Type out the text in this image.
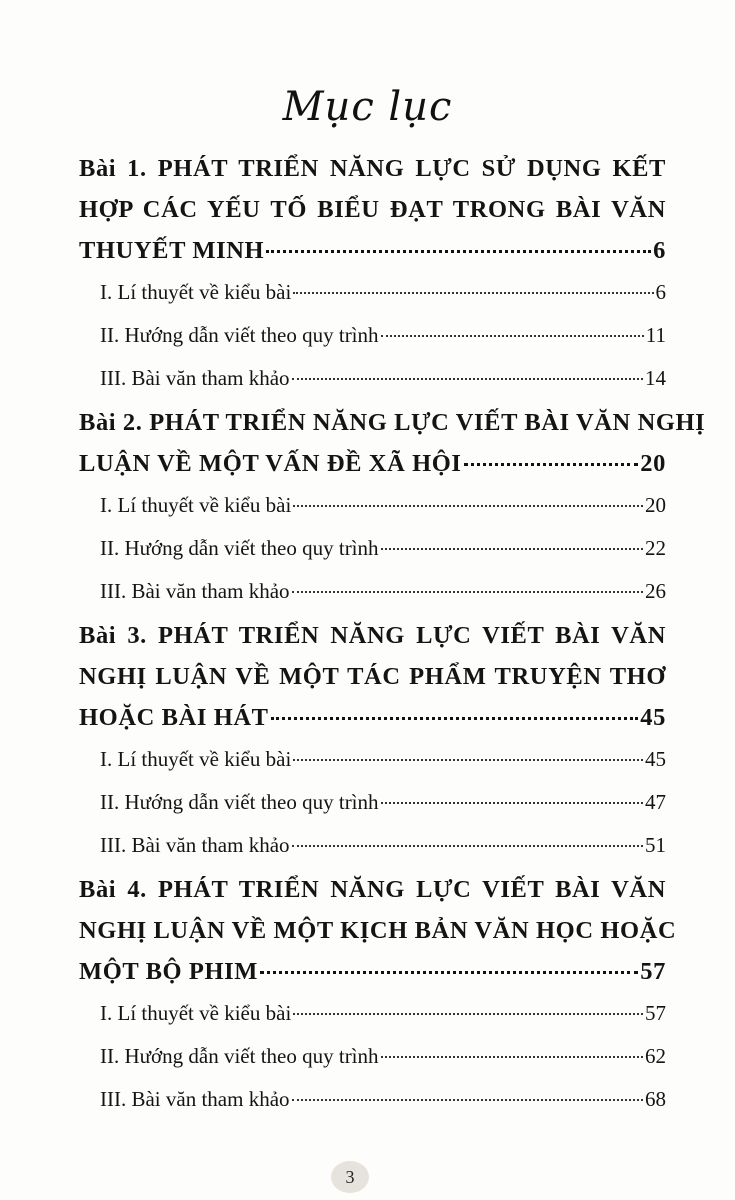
Mục lục
Bài 1. PHÁT TRIỂN NĂNG LỰC SỬ DỤNG KẾT
HỢP CÁC YẾU TỐ BIỂU ĐẠT TRONG BÀI VĂN
THUYẾT MINH	6
I. Lí thuyết về kiểu bài	6
II. Hướng dẫn viết theo quy trình	11
III. Bài văn tham khảo	14
Bài 2. PHÁT TRIỂN NĂNG LỰC VIẾT BÀI VĂN NGHỊ
LUẬN VỀ MỘT VẤN ĐỀ XÃ HỘI	20
I. Lí thuyết về kiểu bài	20
II. Hướng dẫn viết theo quy trình	22
III. Bài văn tham khảo	26
Bài 3. PHÁT TRIỂN NĂNG LỰC VIẾT BÀI VĂN
NGHỊ LUẬN VỀ MỘT TÁC PHẨM TRUYỆN THƠ
HOẶC BÀI HÁT	45
I. Lí thuyết về kiểu bài	45
II. Hướng dẫn viết theo quy trình	47
III. Bài văn tham khảo	51
Bài 4. PHÁT TRIỂN NĂNG LỰC VIẾT BÀI VĂN
NGHỊ LUẬN VỀ MỘT KỊCH BẢN VĂN HỌC HOẶC
MỘT BỘ PHIM	57
I. Lí thuyết về kiểu bài	57
II. Hướng dẫn viết theo quy trình	62
III. Bài văn tham khảo	68
3
